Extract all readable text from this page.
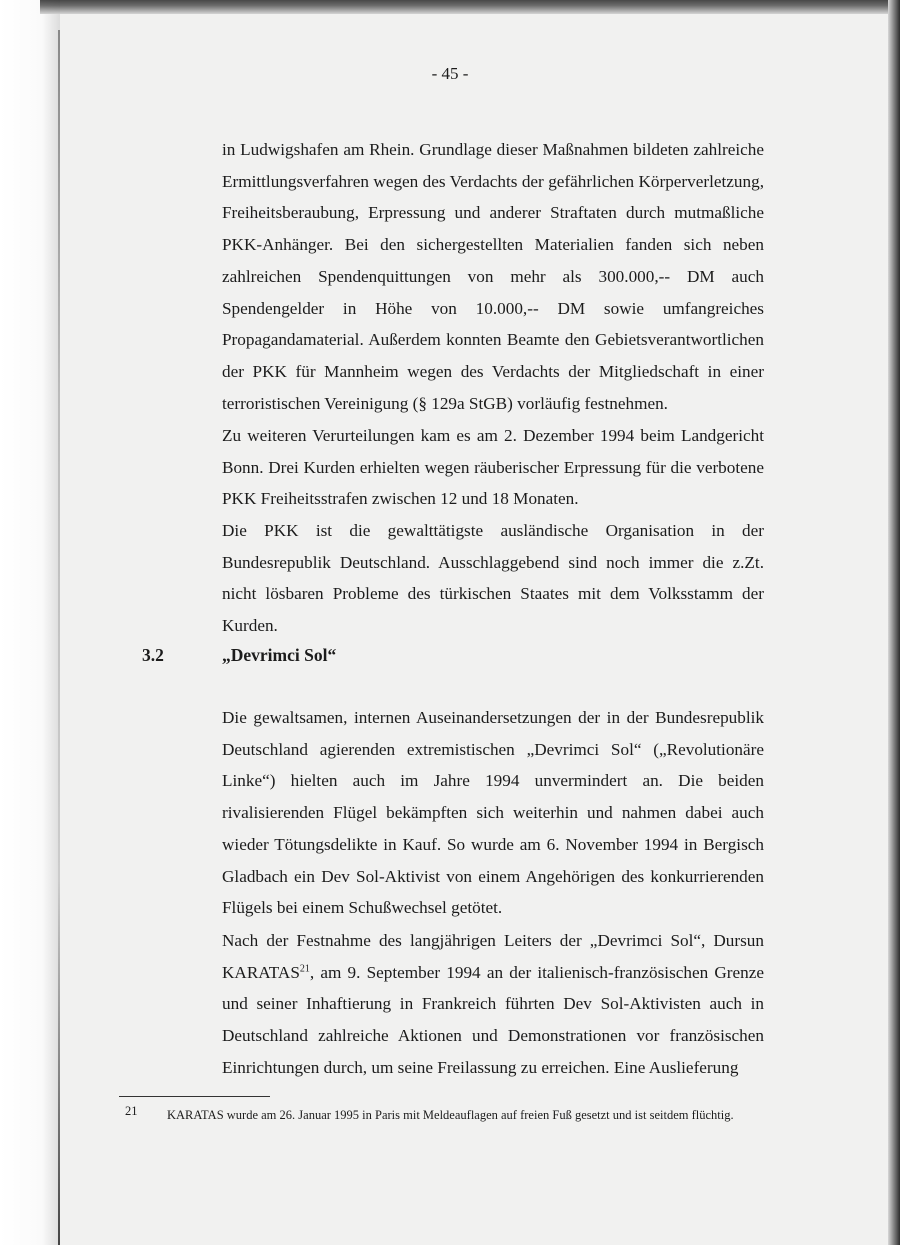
- 45 -

in Ludwigshafen am Rhein. Grundlage dieser Maßnahmen bildeten zahlreiche Ermittlungsverfahren wegen des Verdachts der gefährlichen Körperverletzung, Freiheitsberaubung, Erpressung und anderer Straftaten durch mutmaßliche PKK-Anhänger. Bei den sichergestellten Materialien fanden sich neben zahlreichen Spendenquittungen von mehr als 300.000,-- DM auch Spendengelder in Höhe von 10.000,-- DM sowie umfangreiches Propagandamaterial. Außerdem konnten Beamte den Gebietsverantwortlichen der PKK für Mannheim wegen des Verdachts der Mitgliedschaft in einer terroristischen Vereinigung (§ 129a StGB) vorläufig festnehmen.

Zu weiteren Verurteilungen kam es am 2. Dezember 1994 beim Landgericht Bonn. Drei Kurden erhielten wegen räuberischer Erpressung für die verbotene PKK Freiheitsstrafen zwischen 12 und 18 Monaten.

Die PKK ist die gewalttätigste ausländische Organisation in der Bundesrepublik Deutschland. Ausschlaggebend sind noch immer die z.Zt. nicht lösbaren Probleme des türkischen Staates mit dem Volksstamm der Kurden.

3.2	„Devrimci Sol“

Die gewaltsamen, internen Auseinandersetzungen der in der Bundesrepublik Deutschland agierenden extremistischen „Devrimci Sol“ („Revolutionäre Linke“) hielten auch im Jahre 1994 unvermindert an. Die beiden rivalisierenden Flügel bekämpften sich weiterhin und nahmen dabei auch wieder Tötungsdelikte in Kauf. So wurde am 6. November 1994 in Bergisch Gladbach ein Dev Sol-Aktivist von einem Angehörigen des konkurrierenden Flügels bei einem Schußwechsel getötet.

Nach der Festnahme des langjährigen Leiters der „Devrimci Sol“, Dursun KARATAS$^{21}$, am 9. September 1994 an der italienisch-französischen Grenze und seiner Inhaftierung in Frankreich führten Dev Sol-Aktivisten auch in Deutschland zahlreiche Aktionen und Demonstrationen vor französischen Einrichtungen durch, um seine Freilassung zu erreichen. Eine Auslieferung

21 KARATAS wurde am 26. Januar 1995 in Paris mit Meldeauflagen auf freien Fuß gesetzt und ist seitdem flüchtig.
